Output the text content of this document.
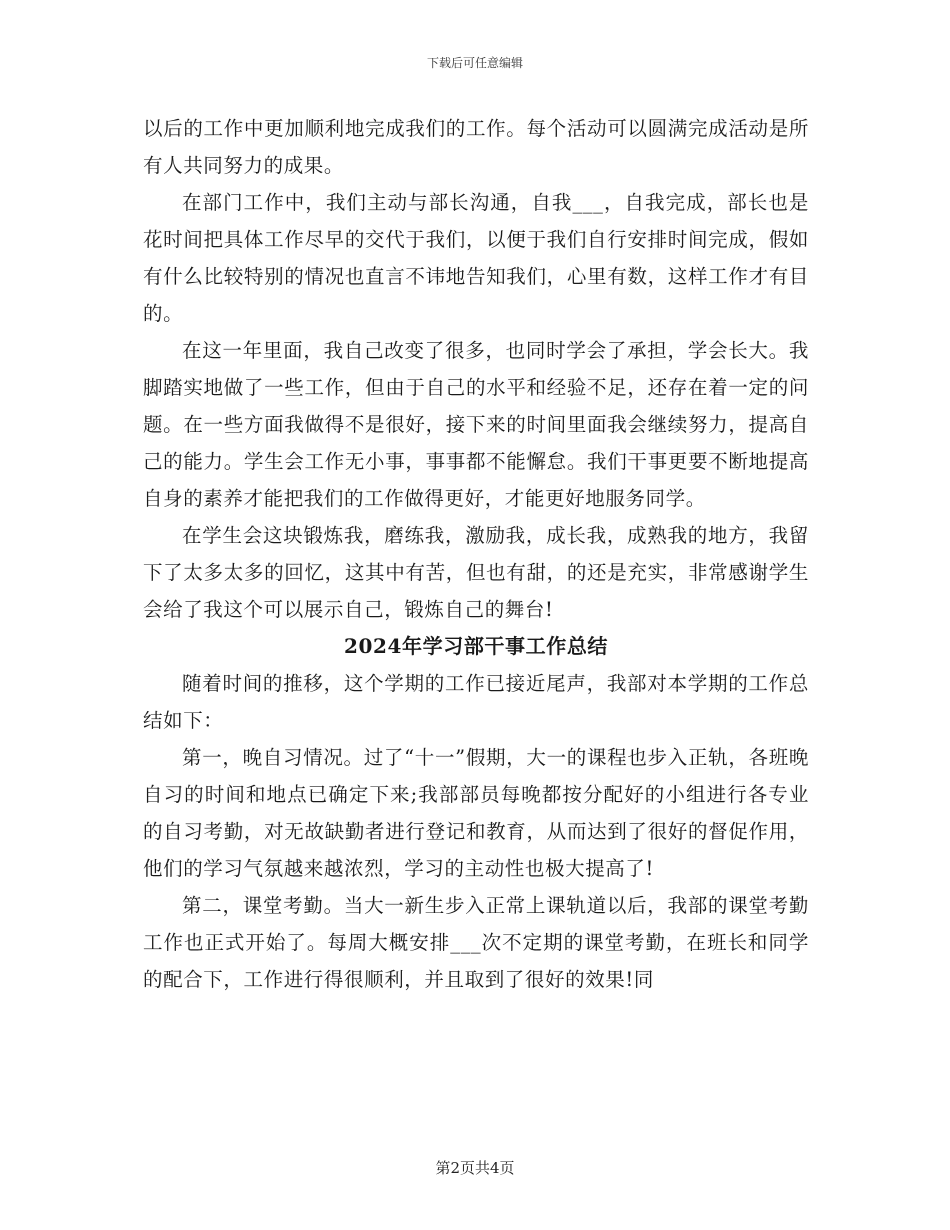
下载后可任意编辑

以后的工作中更加顺利地完成我们的工作。每个活动可以圆满完成活动是所有人共同努力的成果。

在部门工作中，我们主动与部长沟通，自我___，自我完成，部长也是花时间把具体工作尽早的交代于我们，以便于我们自行安排时间完成，假如有什么比较特别的情况也直言不讳地告知我们，心里有数，这样工作才有目的。

在这一年里面，我自己改变了很多，也同时学会了承担，学会长大。我脚踏实地做了一些工作，但由于自己的水平和经验不足，还存在着一定的问题。在一些方面我做得不是很好，接下来的时间里面我会继续努力，提高自己的能力。学生会工作无小事，事事都不能懈怠。我们干事更要不断地提高自身的素养才能把我们的工作做得更好，才能更好地服务同学。

在学生会这块锻炼我，磨练我，激励我，成长我，成熟我的地方，我留下了太多太多的回忆，这其中有苦，但也有甜，的还是充实，非常感谢学生会给了我这个可以展示自己，锻炼自己的舞台!

2024年学习部干事工作总结

随着时间的推移，这个学期的工作已接近尾声，我部对本学期的工作总结如下：

第一，晚自习情况。过了“十一”假期，大一的课程也步入正轨，各班晚自习的时间和地点已确定下来;我部部员每晚都按分配好的小组进行各专业的自习考勤，对无故缺勤者进行登记和教育，从而达到了很好的督促作用，他们的学习气氛越来越浓烈，学习的主动性也极大提高了!

第二，课堂考勤。当大一新生步入正常上课轨道以后，我部的课堂考勤工作也正式开始了。每周大概安排___次不定期的课堂考勤，在班长和同学的配合下，工作进行得很顺利，并且取到了很好的效果!同

第2页共4页
